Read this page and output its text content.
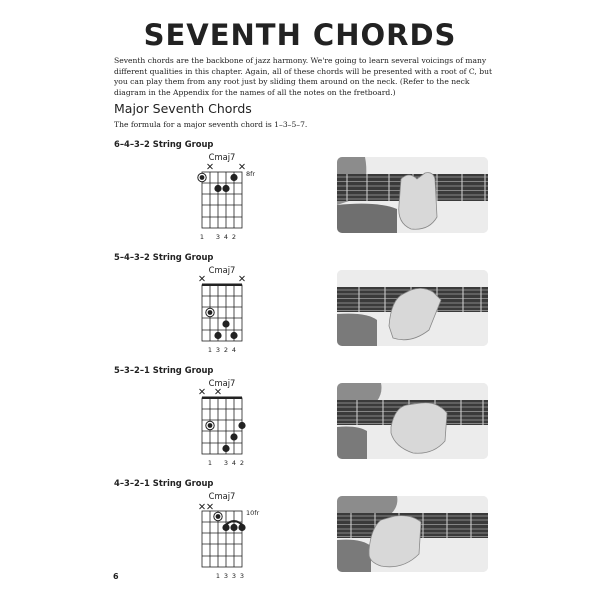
SEVENTH CHORDS
Seventh chords are the backbone of jazz harmony. We're going to learn several voicings of many different qualities in this chapter. Again, all of these chords will be presented with a root of C, but you can play them from any root just by sliding them around on the neck. (Refer to the neck diagram in the Appendix for the names of all the notes on the fretboard.)
Major Seventh Chords
The formula for a major seventh chord is 1–3–5–7.
6–4–3–2 String Group
Cmaj7
8fr
1 3 4 2
5–4–3–2 String Group
Cmaj7
1 3 2 4
5–3–2–1 String Group
Cmaj7
1 3 4 2
4–3–2–1 String Group
Cmaj7
10fr
1 3 3 3
6
